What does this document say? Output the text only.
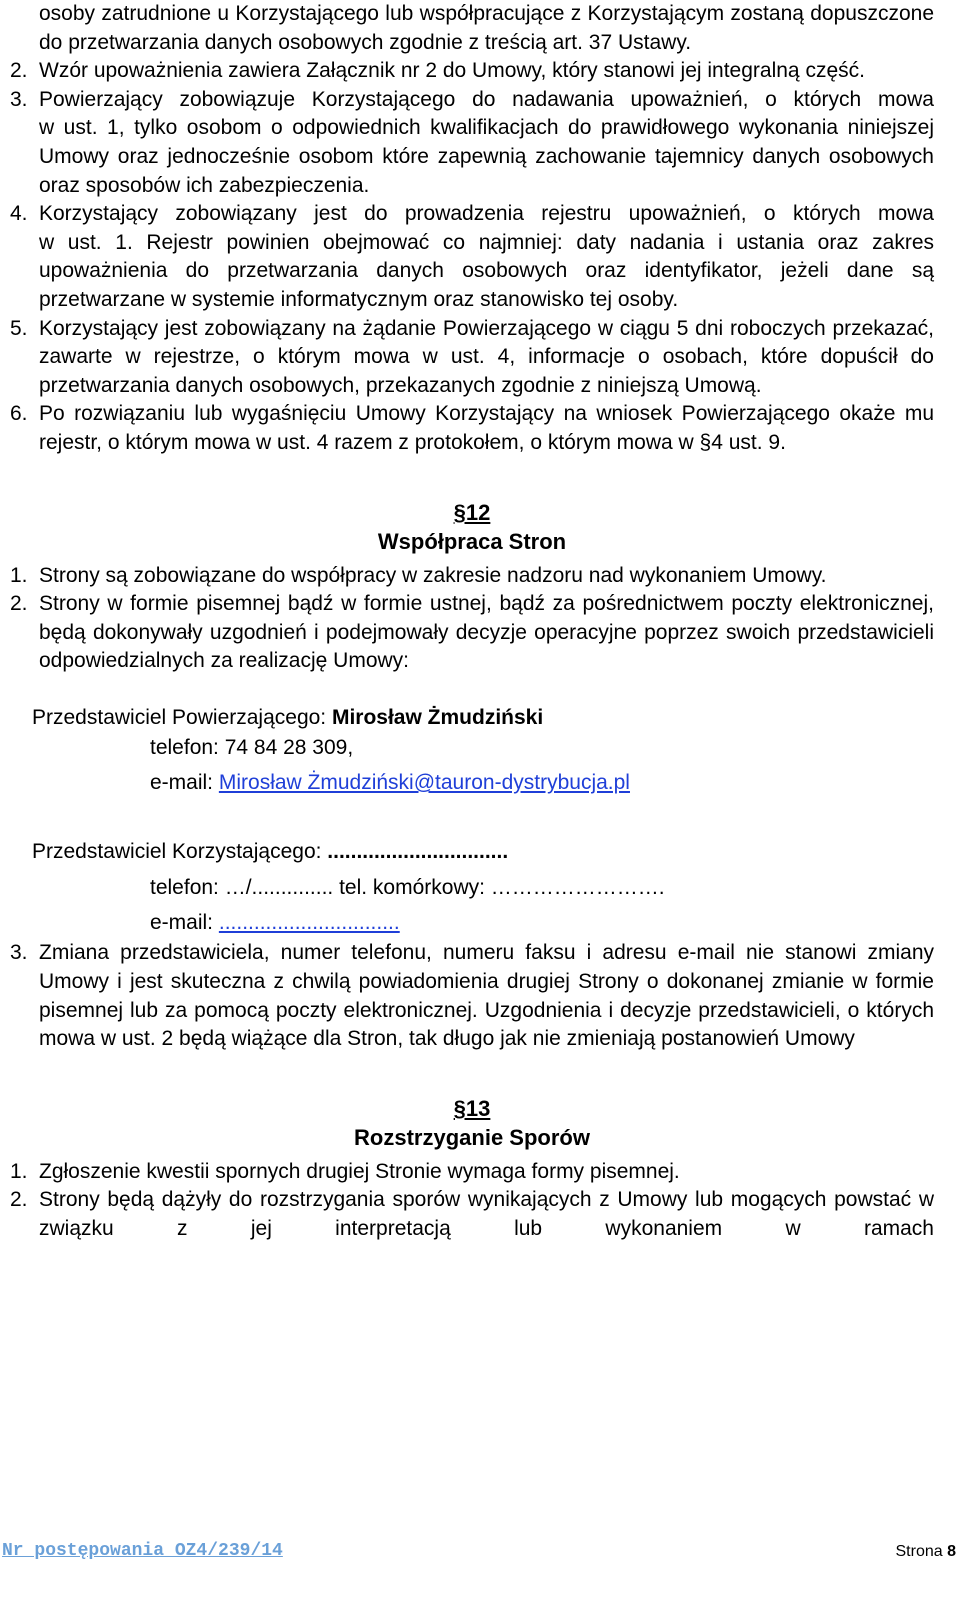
osoby zatrudnione u Korzystającego lub współpracujące z Korzystającym zostaną dopuszczone do przetwarzania danych osobowych zgodnie z treścią art. 37 Ustawy.

2. Wzór upoważnienia zawiera Załącznik nr 2 do Umowy, który stanowi jej integralną część.
3. Powierzający zobowiązuje Korzystającego do nadawania upoważnień, o których mowa
w ust. 1, tylko osobom o odpowiednich kwalifikacjach do prawidłowego wykonania niniejszej Umowy oraz jednocześnie osobom które zapewnią zachowanie tajemnicy danych osobowych oraz sposobów ich zabezpieczenia.
4. Korzystający zobowiązany jest do prowadzenia rejestru upoważnień, o których mowa
w ust. 1. Rejestr powinien obejmować co najmniej: daty nadania i ustania oraz zakres upoważnienia do przetwarzania danych osobowych oraz identyfikator, jeżeli dane są przetwarzane w systemie informatycznym oraz stanowisko tej osoby.
5. Korzystający jest zobowiązany na żądanie Powierzającego w ciągu 5 dni roboczych przekazać, zawarte w rejestrze, o którym mowa w ust. 4, informacje o osobach, które dopuścił do przetwarzania danych osobowych, przekazanych zgodnie z niniejszą Umową.
6. Po rozwiązaniu lub wygaśnięciu Umowy Korzystający na wniosek Powierzającego okaże mu rejestr, o którym mowa w ust. 4 razem z protokołem, o którym mowa w §4 ust. 9.

§12

Współpraca Stron

1. Strony są zobowiązane do współpracy w zakresie nadzoru nad wykonaniem Umowy.
2. Strony w formie pisemnej bądź w formie ustnej, bądź za pośrednictwem poczty elektronicznej, będą dokonywały uzgodnień i podejmowały decyzje operacyjne poprzez swoich przedstawicieli odpowiedzialnych za realizację Umowy:
Przedstawiciel Powierzającego: Mirosław Żmudziński
telefon: 74 84 28 309,
e-mail: Mirosław Żmudziński@tauron-dystrybucja.pl
Przedstawiciel Korzystającego: ...............................
telefon: …/.............. tel. komórkowy: …………………….
e-mail: ...............................
3. Zmiana przedstawiciela, numer telefonu, numeru faksu i adresu e-mail nie stanowi zmiany Umowy i jest skuteczna z chwilą powiadomienia drugiej Strony o dokonanej zmianie w formie pisemnej lub za pomocą poczty elektronicznej. Uzgodnienia i decyzje przedstawicieli, o których mowa w ust. 2 będą wiążące dla Stron, tak długo jak nie zmieniają postanowień Umowy

§13

Rozstrzyganie Sporów

1. Zgłoszenie kwestii spornych drugiej Stronie wymaga formy pisemnej.
2. Strony będą dążyły do rozstrzygania sporów wynikających z Umowy lub mogących powstać w związku z jej interpretacją lub wykonaniem w ramach
Nr postępowania OZ4/239/14	Strona 8
